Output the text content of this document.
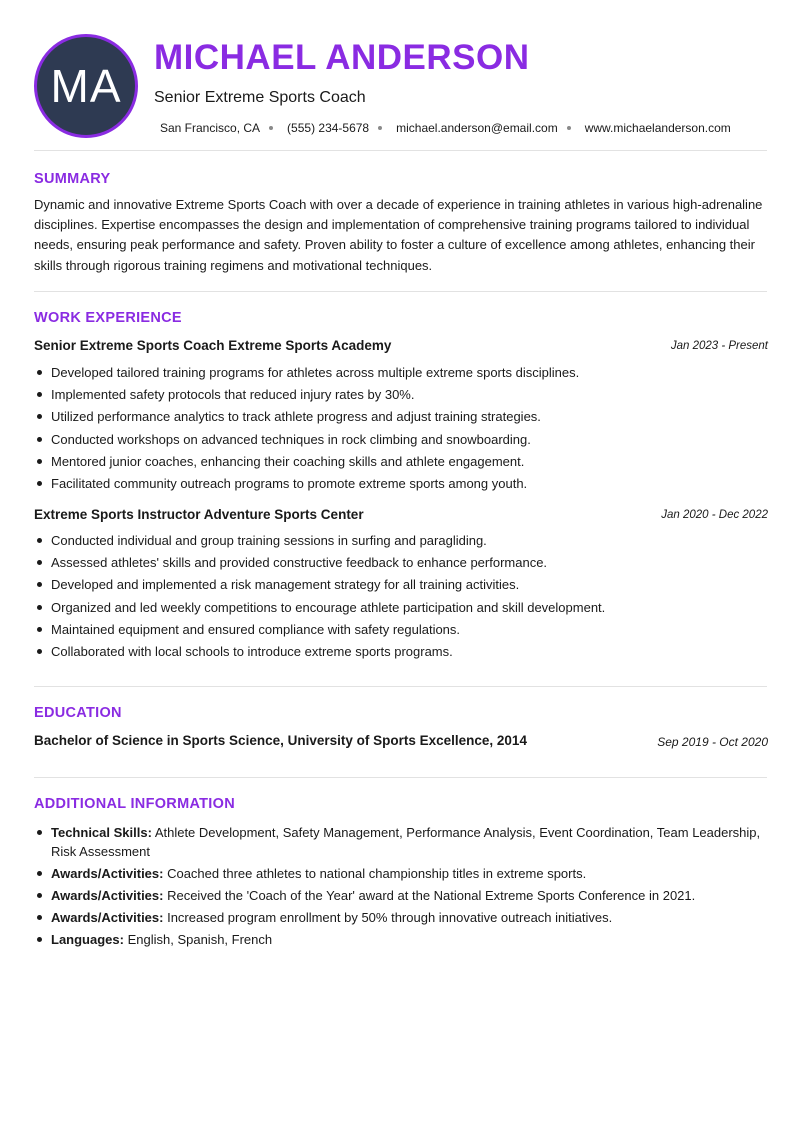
MA
MICHAEL ANDERSON
Senior Extreme Sports Coach
San Francisco, CA (555) 234-5678 michael.anderson@email.com www.michaelanderson.com
SUMMARY
Dynamic and innovative Extreme Sports Coach with over a decade of experience in training athletes in various high-adrenaline disciplines. Expertise encompasses the design and implementation of comprehensive training programs tailored to individual needs, ensuring peak performance and safety. Proven ability to foster a culture of excellence among athletes, enhancing their skills through rigorous training regimens and motivational techniques.
WORK EXPERIENCE
Senior Extreme Sports Coach Extreme Sports Academy	Jan 2023 - Present
Developed tailored training programs for athletes across multiple extreme sports disciplines.
Implemented safety protocols that reduced injury rates by 30%.
Utilized performance analytics to track athlete progress and adjust training strategies.
Conducted workshops on advanced techniques in rock climbing and snowboarding.
Mentored junior coaches, enhancing their coaching skills and athlete engagement.
Facilitated community outreach programs to promote extreme sports among youth.
Extreme Sports Instructor Adventure Sports Center	Jan 2020 - Dec 2022
Conducted individual and group training sessions in surfing and paragliding.
Assessed athletes' skills and provided constructive feedback to enhance performance.
Developed and implemented a risk management strategy for all training activities.
Organized and led weekly competitions to encourage athlete participation and skill development.
Maintained equipment and ensured compliance with safety regulations.
Collaborated with local schools to introduce extreme sports programs.
EDUCATION
Bachelor of Science in Sports Science, University of Sports Excellence, 2014	Sep 2019 - Oct 2020
ADDITIONAL INFORMATION
Technical Skills: Athlete Development, Safety Management, Performance Analysis, Event Coordination, Team Leadership, Risk Assessment
Awards/Activities: Coached three athletes to national championship titles in extreme sports.
Awards/Activities: Received the 'Coach of the Year' award at the National Extreme Sports Conference in 2021.
Awards/Activities: Increased program enrollment by 50% through innovative outreach initiatives.
Languages: English, Spanish, French
